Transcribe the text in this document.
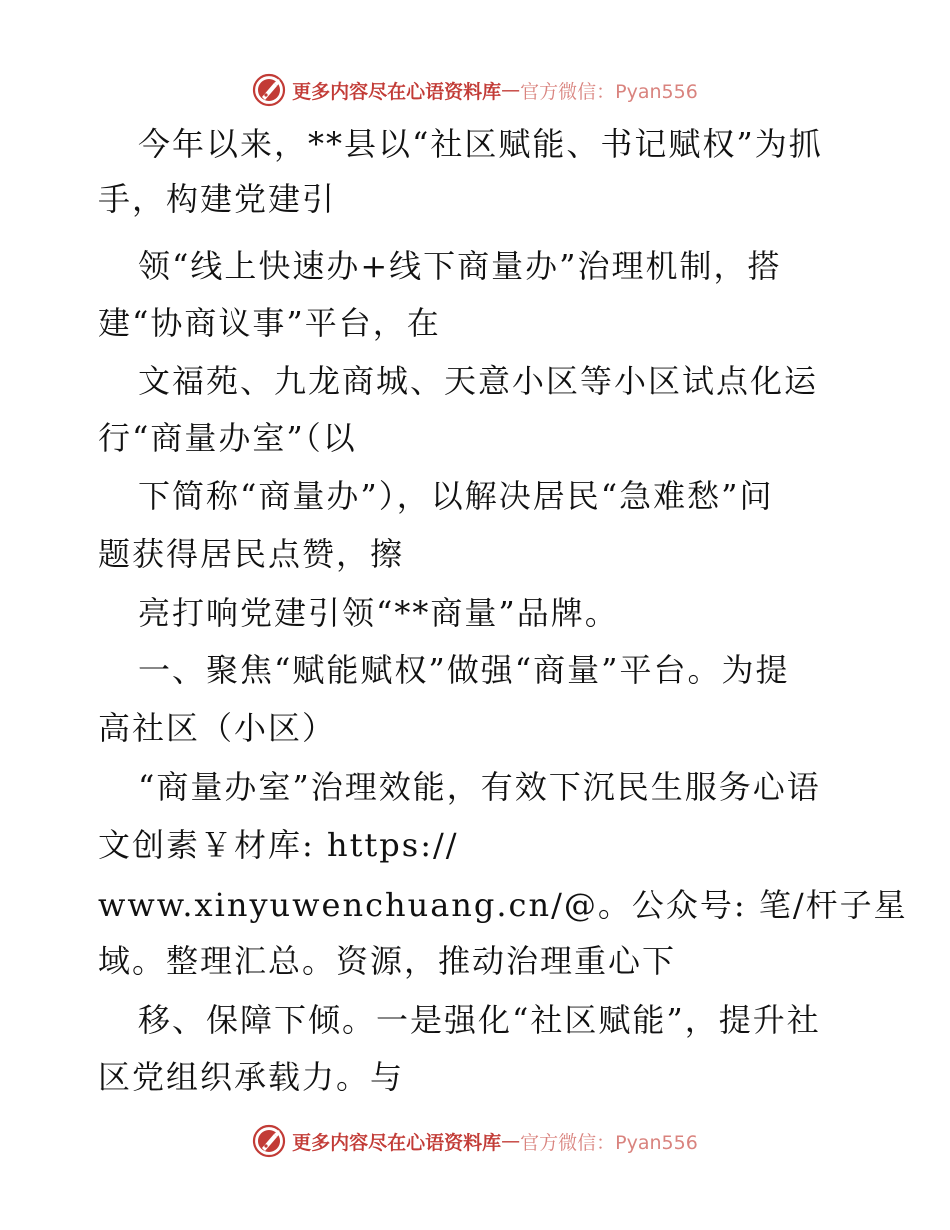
更多内容尽在心语资料库 — 官方微信：Pyan556
今年以来，**县以“社区赋能、书记赋权”为抓
手，构建党建引
领“线上快速办+线下商量办”治理机制，搭
建“协商议事”平台，在
文福苑、九龙商城、天意小区等小区试点化运
行“商量办室”（以
下简称“商量办”），以解决居民“急难愁”问
题获得居民点赞，擦
亮打响党建引领“**商量”品牌。
一、聚焦“赋能赋权”做强“商量”平台。为提
高社区（小区）
“商量办室”治理效能，有效下沉民生服务心语
文创素￥材库: https://
www.xinyuwenchuang.cn/@。公众号: 笔/杆子星
域。整理汇总。资源，推动治理重心下
移、保障下倾。一是强化“社区赋能”，提升社
区党组织承载力。与
更多内容尽在心语资料库 — 官方微信：Pyan556
